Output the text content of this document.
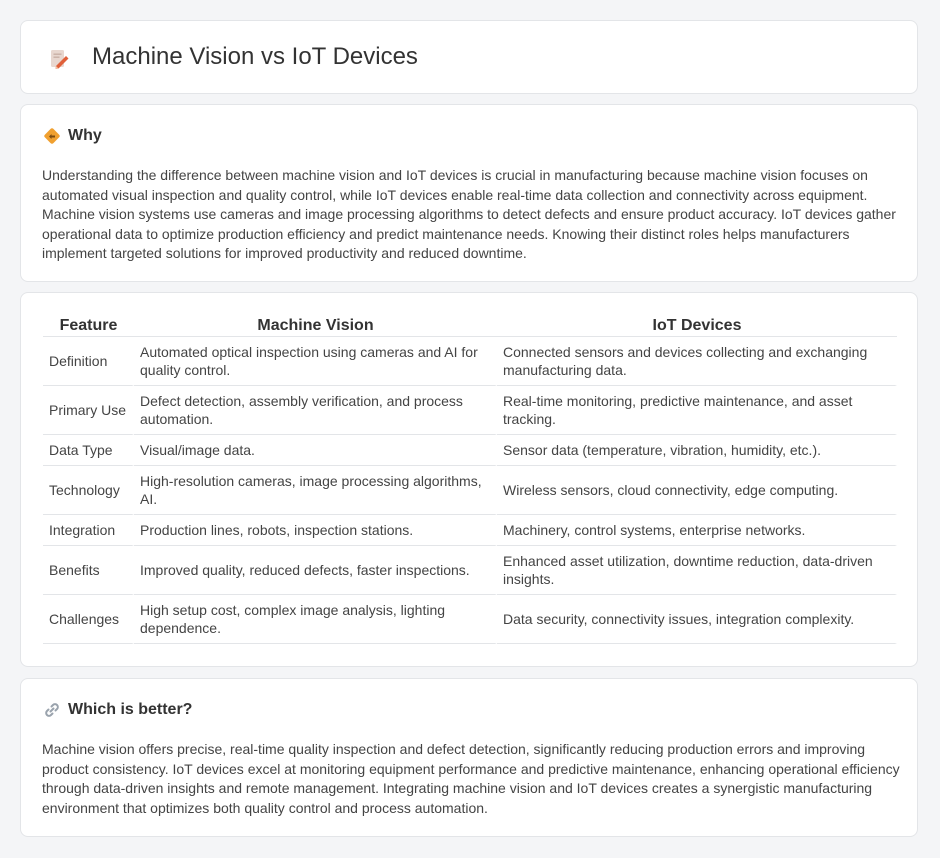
Machine Vision vs IoT Devices
Why

Understanding the difference between machine vision and IoT devices is crucial in manufacturing because machine vision focuses on automated visual inspection and quality control, while IoT devices enable real-time data collection and connectivity across equipment. Machine vision systems use cameras and image processing algorithms to detect defects and ensure product accuracy. IoT devices gather operational data to optimize production efficiency and predict maintenance needs. Knowing their distinct roles helps manufacturers implement targeted solutions for improved productivity and reduced downtime.

Feature	Machine Vision	IoT Devices
Definition	Automated optical inspection using cameras and AI for quality control.	Connected sensors and devices collecting and exchanging manufacturing data.
Primary Use	Defect detection, assembly verification, and process automation.	Real-time monitoring, predictive maintenance, and asset tracking.
Data Type	Visual/image data.	Sensor data (temperature, vibration, humidity, etc.).
Technology	High-resolution cameras, image processing algorithms, AI.	Wireless sensors, cloud connectivity, edge computing.
Integration	Production lines, robots, inspection stations.	Machinery, control systems, enterprise networks.
Benefits	Improved quality, reduced defects, faster inspections.	Enhanced asset utilization, downtime reduction, data-driven insights.
Challenges	High setup cost, complex image analysis, lighting dependence.	Data security, connectivity issues, integration complexity.
Which is better?

Machine vision offers precise, real-time quality inspection and defect detection, significantly reducing production errors and improving product consistency. IoT devices excel at monitoring equipment performance and predictive maintenance, enhancing operational efficiency through data-driven insights and remote management. Integrating machine vision and IoT devices creates a synergistic manufacturing environment that optimizes both quality control and process automation.
